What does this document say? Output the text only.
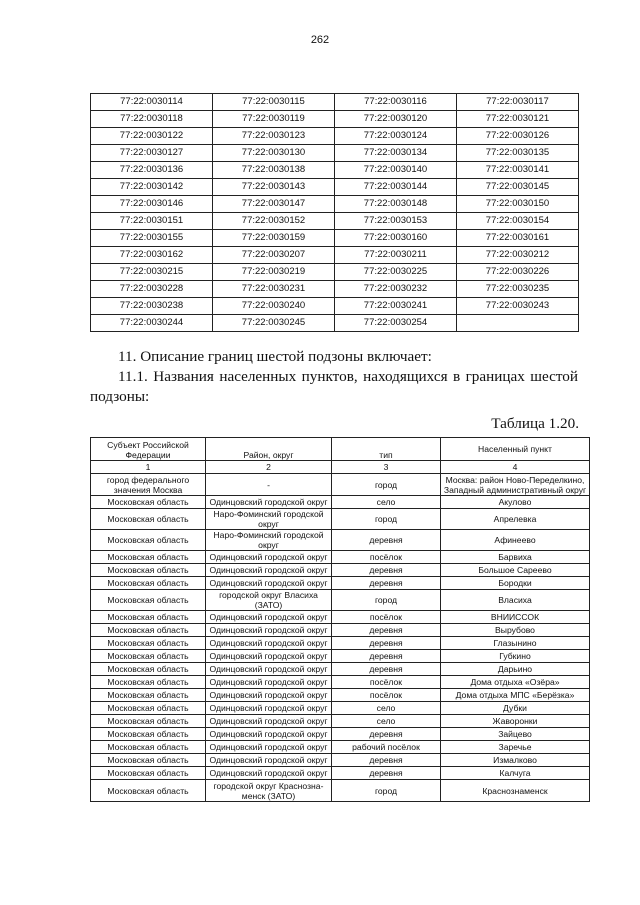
262
77:22:0030114	77:22:0030115	77:22:0030116	77:22:0030117
77:22:0030118	77:22:0030119	77:22:0030120	77:22:0030121
77:22:0030122	77:22:0030123	77:22:0030124	77:22:0030126
77:22:0030127	77:22:0030130	77:22:0030134	77:22:0030135
77:22:0030136	77:22:0030138	77:22:0030140	77:22:0030141
77:22:0030142	77:22:0030143	77:22:0030144	77:22:0030145
77:22:0030146	77:22:0030147	77:22:0030148	77:22:0030150
77:22:0030151	77:22:0030152	77:22:0030153	77:22:0030154
77:22:0030155	77:22:0030159	77:22:0030160	77:22:0030161
77:22:0030162	77:22:0030207	77:22:0030211	77:22:0030212
77:22:0030215	77:22:0030219	77:22:0030225	77:22:0030226
77:22:0030228	77:22:0030231	77:22:0030232	77:22:0030235
77:22:0030238	77:22:0030240	77:22:0030241	77:22:0030243
77:22:0030244	77:22:0030245	77:22:0030254	

11. Описание границ шестой подзоны включает:

11.1. Названия населенных пунктов, находящихся в границах шестой

подзоны:

Таблица 1.20.

Субъект Российской Федерации	Район, округ	тип	Населенный пункт
1	2	3	4
город федерального значения Москва	-	город	Москва: район Ново-Переделкино, Западный административный округ
Московская область	Одинцовский городской округ	село	Акулово
Московская область	Наро-Фоминский городской округ	город	Апрелевка
Московская область	Наро-Фоминский городской округ	деревня	Афинеево
Московская область	Одинцовский городской округ	посёлок	Барвиха
Московская область	Одинцовский городской округ	деревня	Большое Сареево
Московская область	Одинцовский городской округ	деревня	Бородки
Московская область	городской округ Власиха (ЗАТО)	город	Власиха
Московская область	Одинцовский городской округ	посёлок	ВНИИССОК
Московская область	Одинцовский городской округ	деревня	Вырубово
Московская область	Одинцовский городской округ	деревня	Глазынино
Московская область	Одинцовский городской округ	деревня	Губкино
Московская область	Одинцовский городской округ	деревня	Дарьино
Московская область	Одинцовский городской округ	посёлок	Дома отдыха «Озёра»
Московская область	Одинцовский городской округ	посёлок	Дома отдыха МПС «Берёзка»
Московская область	Одинцовский городской округ	село	Дубки
Московская область	Одинцовский городской округ	село	Жаворонки
Московская область	Одинцовский городской округ	деревня	Зайцево
Московская область	Одинцовский городской округ	рабочий посёлок	Заречье
Московская область	Одинцовский городской округ	деревня	Измалково
Московская область	Одинцовский городской округ	деревня	Калчуга
Московская область	городской округ Краснозна-менск (ЗАТО)	город	Краснознаменск
